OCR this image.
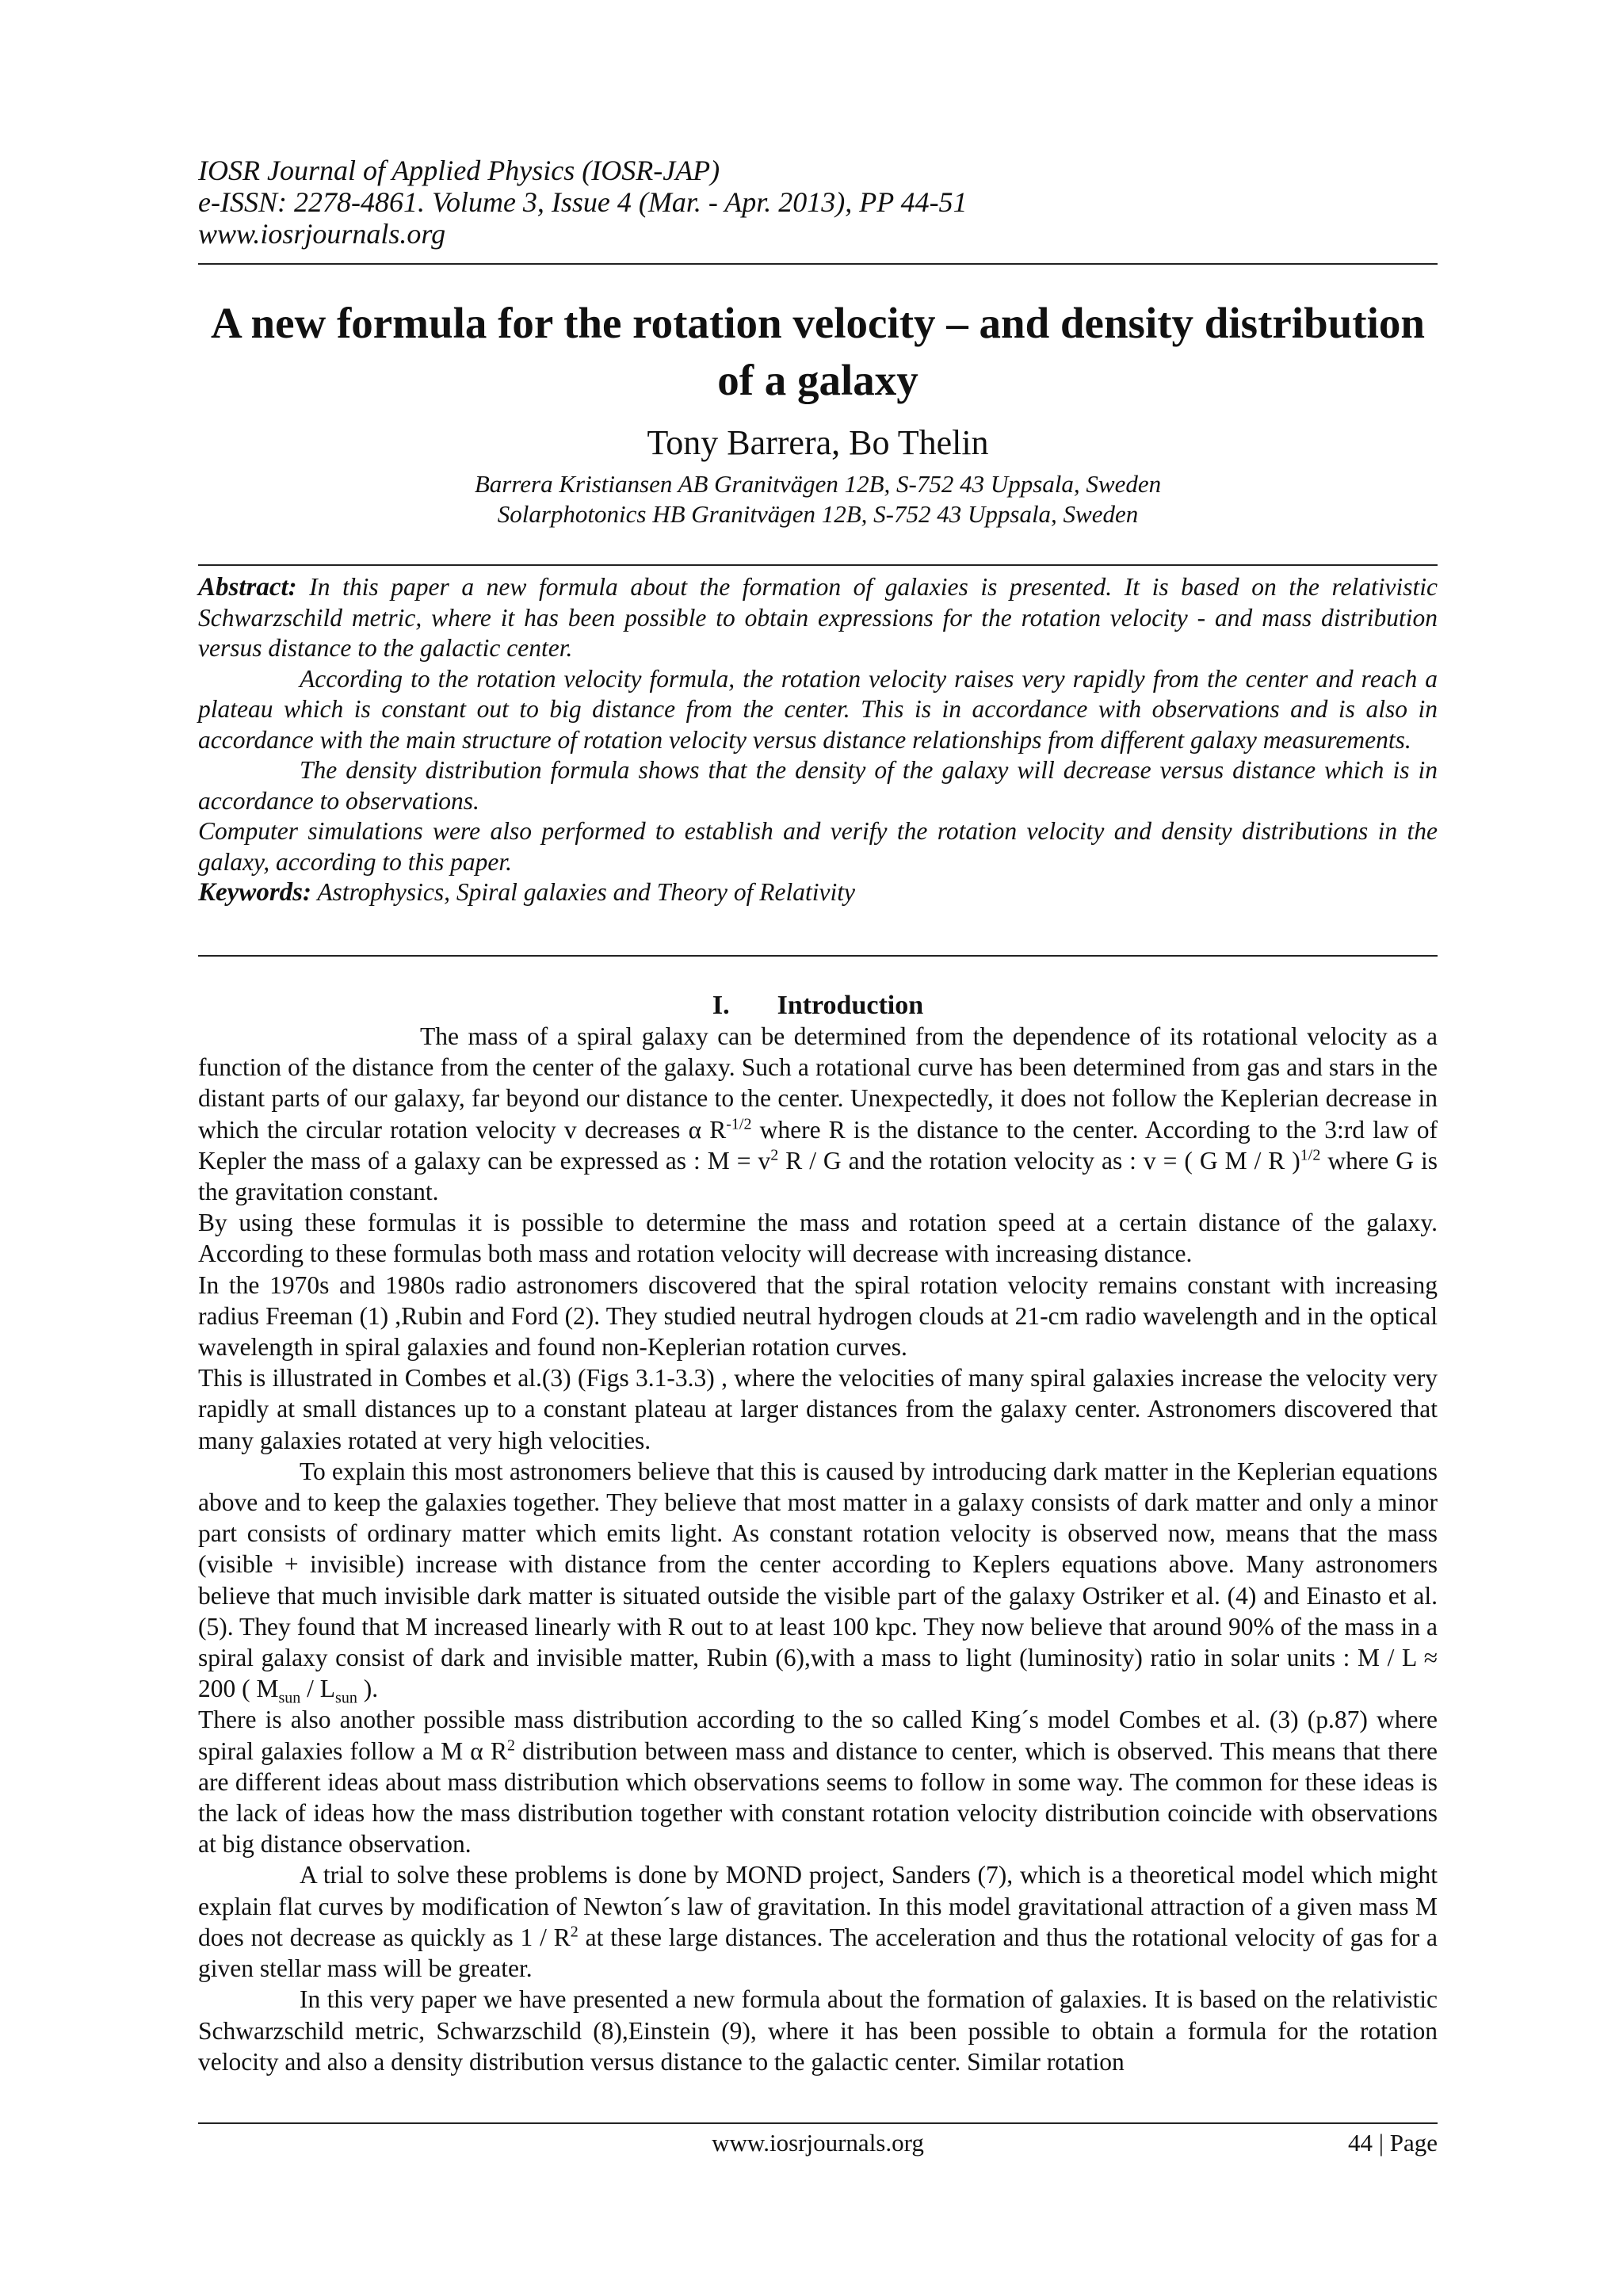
IOSR Journal of Applied Physics (IOSR-JAP)
e-ISSN: 2278-4861. Volume 3, Issue 4 (Mar. - Apr. 2013), PP 44-51
www.iosrjournals.org
A new formula for the rotation velocity – and density distribution
of a galaxy
Tony Barrera, Bo Thelin
Barrera Kristiansen AB Granitvägen 12B, S-752 43 Uppsala, Sweden
Solarphotonics HB Granitvägen 12B, S-752 43 Uppsala, Sweden

Abstract: In this paper a new formula about the formation of galaxies is presented. It is based on the relativistic Schwarzschild metric, where it has been possible to obtain expressions for the rotation velocity - and mass distribution versus distance to the galactic center.

According to the rotation velocity formula, the rotation velocity raises very rapidly from the center and reach a plateau which is constant out to big distance from the center. This is in accordance with observations and is also in accordance with the main structure of rotation velocity versus distance relationships from different galaxy measurements.

The density distribution formula shows that the density of the galaxy will decrease versus distance which is in accordance to observations.

Computer simulations were also performed to establish and verify the rotation velocity and density distributions in the galaxy, according to this paper.

Keywords: Astrophysics, Spiral galaxies and Theory of Relativity

I. Introduction

The mass of a spiral galaxy can be determined from the dependence of its rotational velocity as a function of the distance from the center of the galaxy. Such a rotational curve has been determined from gas and stars in the distant parts of our galaxy, far beyond our distance to the center. Unexpectedly, it does not follow the Keplerian decrease in which the circular rotation velocity v decreases α $R^{-1/2}$ where R is the distance to the center. According to the 3:rd law of Kepler the mass of a galaxy can be expressed as : $M = v^2$ R / G and the rotation velocity as : v = ( G M / R )$^{1/2}$ where G is the gravitation constant.

By using these formulas it is possible to determine the mass and rotation speed at a certain distance of the galaxy. According to these formulas both mass and rotation velocity will decrease with increasing distance.

In the 1970s and 1980s radio astronomers discovered that the spiral rotation velocity remains constant with increasing radius Freeman (1) ,Rubin and Ford (2). They studied neutral hydrogen clouds at 21-cm radio wavelength and in the optical wavelength in spiral galaxies and found non-Keplerian rotation curves.

This is illustrated in Combes et al.(3) (Figs 3.1-3.3) , where the velocities of many spiral galaxies increase the velocity very rapidly at small distances up to a constant plateau at larger distances from the galaxy center. Astronomers discovered that many galaxies rotated at very high velocities.

To explain this most astronomers believe that this is caused by introducing dark matter in the Keplerian equations above and to keep the galaxies together. They believe that most matter in a galaxy consists of dark matter and only a minor part consists of ordinary matter which emits light. As constant rotation velocity is observed now, means that the mass (visible + invisible) increase with distance from the center according to Keplers equations above. Many astronomers believe that much invisible dark matter is situated outside the visible part of the galaxy Ostriker et al. (4) and Einasto et al. (5). They found that M increased linearly with R out to at least 100 kpc. They now believe that around 90% of the mass in a spiral galaxy consist of dark and invisible matter, Rubin (6),with a mass to light (luminosity) ratio in solar units : M / L ≈ 200 ( $M_{sun} / L_{sun}$ ).

There is also another possible mass distribution according to the so called King´s model Combes et al. (3) (p.87) where spiral galaxies follow a M α $R^2$ distribution between mass and distance to center, which is observed. This means that there are different ideas about mass distribution which observations seems to follow in some way. The common for these ideas is the lack of ideas how the mass distribution together with constant rotation velocity distribution coincide with observations at big distance observation.

A trial to solve these problems is done by MOND project, Sanders (7), which is a theoretical model which might explain flat curves by modification of Newton´s law of gravitation. In this model gravitational attraction of a given mass M does not decrease as quickly as $1 / R^2$ at these large distances. The acceleration and thus the rotational velocity of gas for a given stellar mass will be greater.

In this very paper we have presented a new formula about the formation of galaxies. It is based on the relativistic Schwarzschild metric, Schwarzschild (8),Einstein (9), where it has been possible to obtain a formula for the rotation velocity and also a density distribution versus distance to the galactic center. Similar rotation

www.iosrjournals.org	44 | Page
